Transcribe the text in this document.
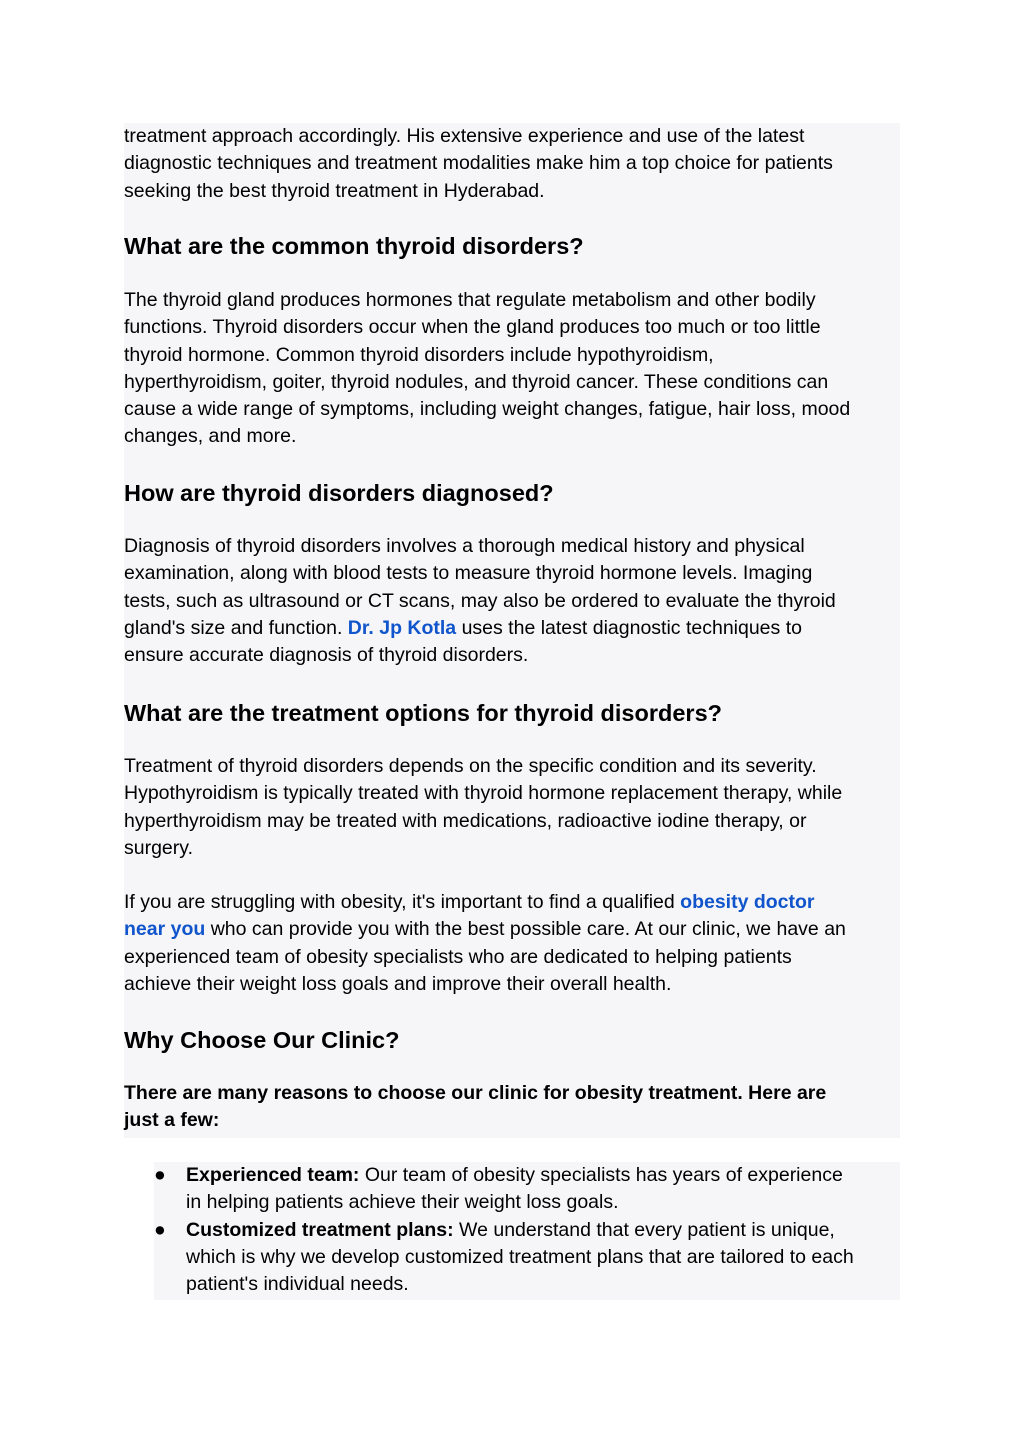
treatment approach accordingly. His extensive experience and use of the latest

diagnostic techniques and treatment modalities make him a top choice for patients

seeking the best thyroid treatment in Hyderabad.

What are the common thyroid disorders?

The thyroid gland produces hormones that regulate metabolism and other bodily

functions. Thyroid disorders occur when the gland produces too much or too little

thyroid hormone. Common thyroid disorders include hypothyroidism,

hyperthyroidism, goiter, thyroid nodules, and thyroid cancer. These conditions can

cause a wide range of symptoms, including weight changes, fatigue, hair loss, mood

changes, and more.

How are thyroid disorders diagnosed?

Diagnosis of thyroid disorders involves a thorough medical history and physical

examination, along with blood tests to measure thyroid hormone levels. Imaging

tests, such as ultrasound or CT scans, may also be ordered to evaluate the thyroid

gland's size and function. Dr. Jp Kotla uses the latest diagnostic techniques to

ensure accurate diagnosis of thyroid disorders.

What are the treatment options for thyroid disorders?

Treatment of thyroid disorders depends on the specific condition and its severity.

Hypothyroidism is typically treated with thyroid hormone replacement therapy, while

hyperthyroidism may be treated with medications, radioactive iodine therapy, or

surgery.

If you are struggling with obesity, it's important to find a qualified obesity doctor

near you who can provide you with the best possible care. At our clinic, we have an

experienced team of obesity specialists who are dedicated to helping patients

achieve their weight loss goals and improve their overall health.

Why Choose Our Clinic?

There are many reasons to choose our clinic for obesity treatment. Here are

just a few:

●	Experienced team: Our team of obesity specialists has years of experience
in helping patients achieve their weight loss goals.
●	Customized treatment plans: We understand that every patient is unique,
which is why we develop customized treatment plans that are tailored to each
patient's individual needs.
